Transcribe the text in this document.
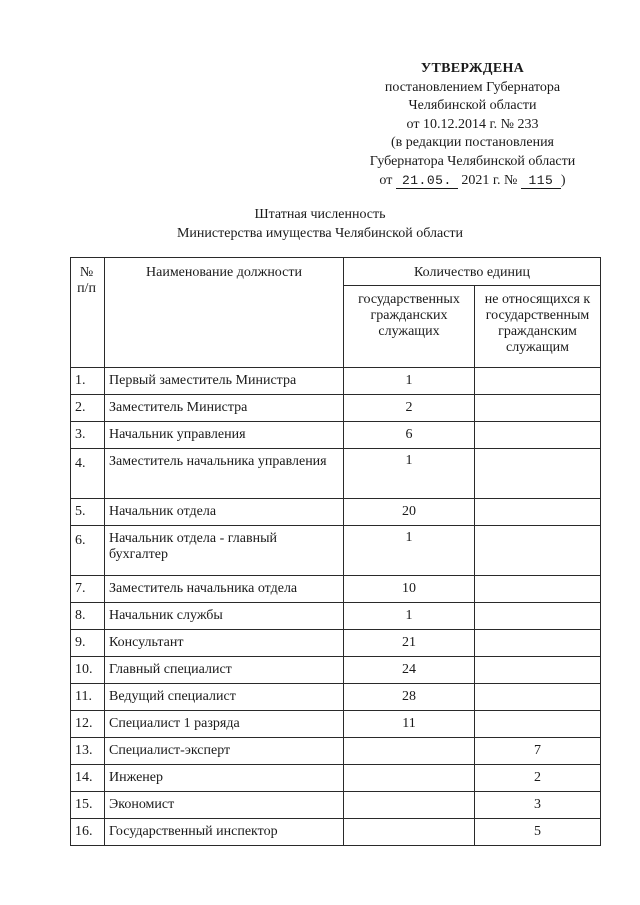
УТВЕРЖДЕНА
постановлением Губернатора
Челябинской области
от 10.12.2014 г. № 233
(в редакции постановления
Губернатора Челябинской области
от 21.05. 2021 г. № 115 )
Штатная численность
Министерства имущества Челябинской области
№ п/п	Наименование должности	Количество единиц	
		государственных гражданских служащих	не относящихся к государственным гражданским служащим
1.	Первый заместитель Министра	1	
2.	Заместитель Министра	2	
3.	Начальник управления	6	
4.	Заместитель начальника управления	1	
5.	Начальник отдела	20	
6.	Начальник отдела - главный бухгалтер	1	
7.	Заместитель начальника отдела	10	
8.	Начальник службы	1	
9.	Консультант	21	
10.	Главный специалист	24	
11.	Ведущий специалист	28	
12.	Специалист 1 разряда	11	
13.	Специалист-эксперт		7
14.	Инженер		2
15.	Экономист		3
16.	Государственный инспектор		5
